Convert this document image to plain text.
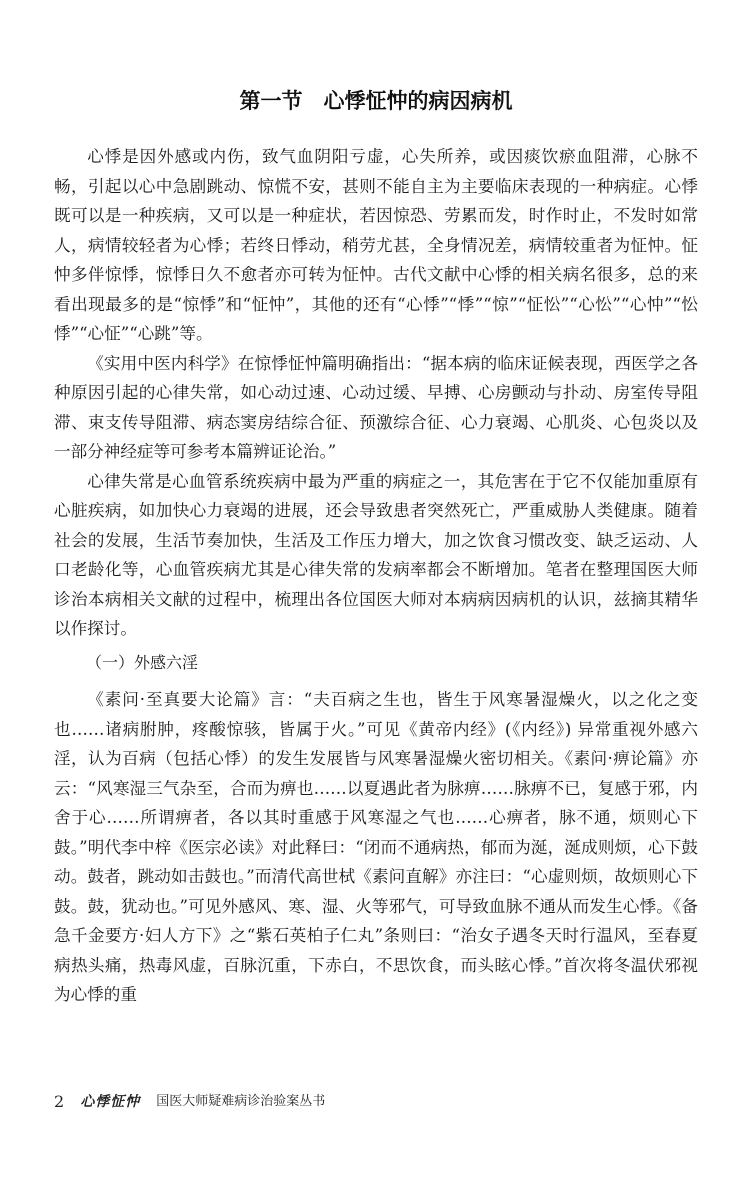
第一节　心悸怔忡的病因病机

心悸是因外感或内伤，致气血阴阳亏虚，心失所养，或因痰饮瘀血阻滞，心脉不畅，引起以心中急剧跳动、惊慌不安，甚则不能自主为主要临床表现的一种病症。心悸既可以是一种疾病，又可以是一种症状，若因惊恐、劳累而发，时作时止，不发时如常人，病情较轻者为心悸；若终日悸动，稍劳尤甚，全身情况差，病情较重者为怔忡。怔忡多伴惊悸，惊悸日久不愈者亦可转为怔忡。古代文献中心悸的相关病名很多，总的来看出现最多的是“惊悸”和“怔忡”，其他的还有“心悸”“悸”“惊”“怔忪”“心忪”“心忡”“忪悸”“心怔”“心跳”等。

《实用中医内科学》在惊悸怔忡篇明确指出：“据本病的临床证候表现，西医学之各种原因引起的心律失常，如心动过速、心动过缓、早搏、心房颤动与扑动、房室传导阻滞、束支传导阻滞、病态窦房结综合征、预激综合征、心力衰竭、心肌炎、心包炎以及一部分神经症等可参考本篇辨证论治。”

心律失常是心血管系统疾病中最为严重的病症之一，其危害在于它不仅能加重原有心脏疾病，如加快心力衰竭的进展，还会导致患者突然死亡，严重威胁人类健康。随着社会的发展，生活节奏加快，生活及工作压力增大，加之饮食习惯改变、缺乏运动、人口老龄化等，心血管疾病尤其是心律失常的发病率都会不断增加。笔者在整理国医大师诊治本病相关文献的过程中，梳理出各位国医大师对本病病因病机的认识，兹摘其精华以作探讨。

（一）外感六淫

《素问·至真要大论篇》言：“夫百病之生也，皆生于风寒暑湿燥火，以之化之变也……诸病胕肿，疼酸惊骇，皆属于火。”可见《黄帝内经》(《内经》) 异常重视外感六淫，认为百病（包括心悸）的发生发展皆与风寒暑湿燥火密切相关。《素问·痹论篇》亦云：“风寒湿三气杂至，合而为痹也……以夏遇此者为脉痹……脉痹不已，复感于邪，内舍于心……所谓痹者，各以其时重感于风寒湿之气也……心痹者，脉不通，烦则心下鼓。”明代李中梓《医宗必读》对此释曰：“闭而不通病热，郁而为涎，涎成则烦，心下鼓动。鼓者，跳动如击鼓也。”而清代高世栻《素问直解》亦注曰：“心虚则烦，故烦则心下鼓。鼓，犹动也。”可见外感风、寒、湿、火等邪气，可导致血脉不通从而发生心悸。《备急千金要方·妇人方下》之“紫石英柏子仁丸”条则曰：“治女子遇冬天时行温风，至春夏病热头痛，热毒风虚，百脉沉重，下赤白，不思饮食，而头眩心悸。”首次将冬温伏邪视为心悸的重

2 心悸怔忡 国医大师疑难病诊治验案丛书
